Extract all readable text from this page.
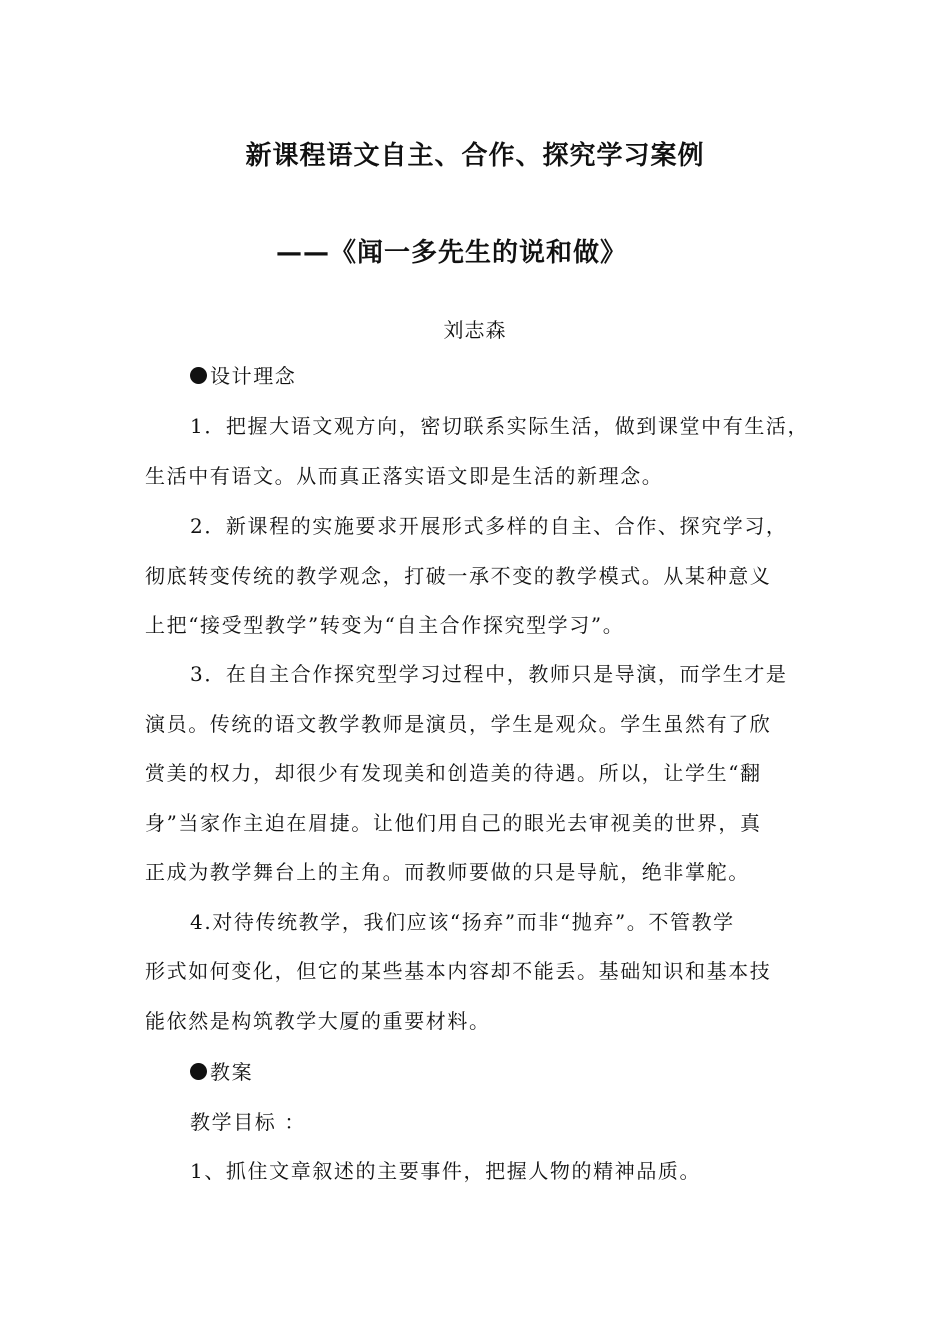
新课程语文自主、合作、探究学习案例
——《闻一多先生的说和做》
刘志森
设计理念
1．把握大语文观方向，密切联系实际生活，做到课堂中有生活，
生活中有语文。从而真正落实语文即是生活的新理念。
2．新课程的实施要求开展形式多样的自主、合作、探究学习，
彻底转变传统的教学观念，打破一承不变的教学模式。从某种意义
上把“接受型教学”转变为“自主合作探究型学习”。
3．在自主合作探究型学习过程中，教师只是导演，而学生才是
演员。传统的语文教学教师是演员，学生是观众。学生虽然有了欣
赏美的权力，却很少有发现美和创造美的待遇。所以，让学生“翻
身”当家作主迫在眉捷。让他们用自己的眼光去审视美的世界，真
正成为教学舞台上的主角。而教师要做的只是导航，绝非掌舵。
4.对待传统教学，我们应该“扬弃”而非“抛弃”。不管教学
形式如何变化，但它的某些基本内容却不能丢。基础知识和基本技
能依然是构筑教学大厦的重要材料。
教案
教学目标 ：
1、抓住文章叙述的主要事件，把握人物的精神品质。
